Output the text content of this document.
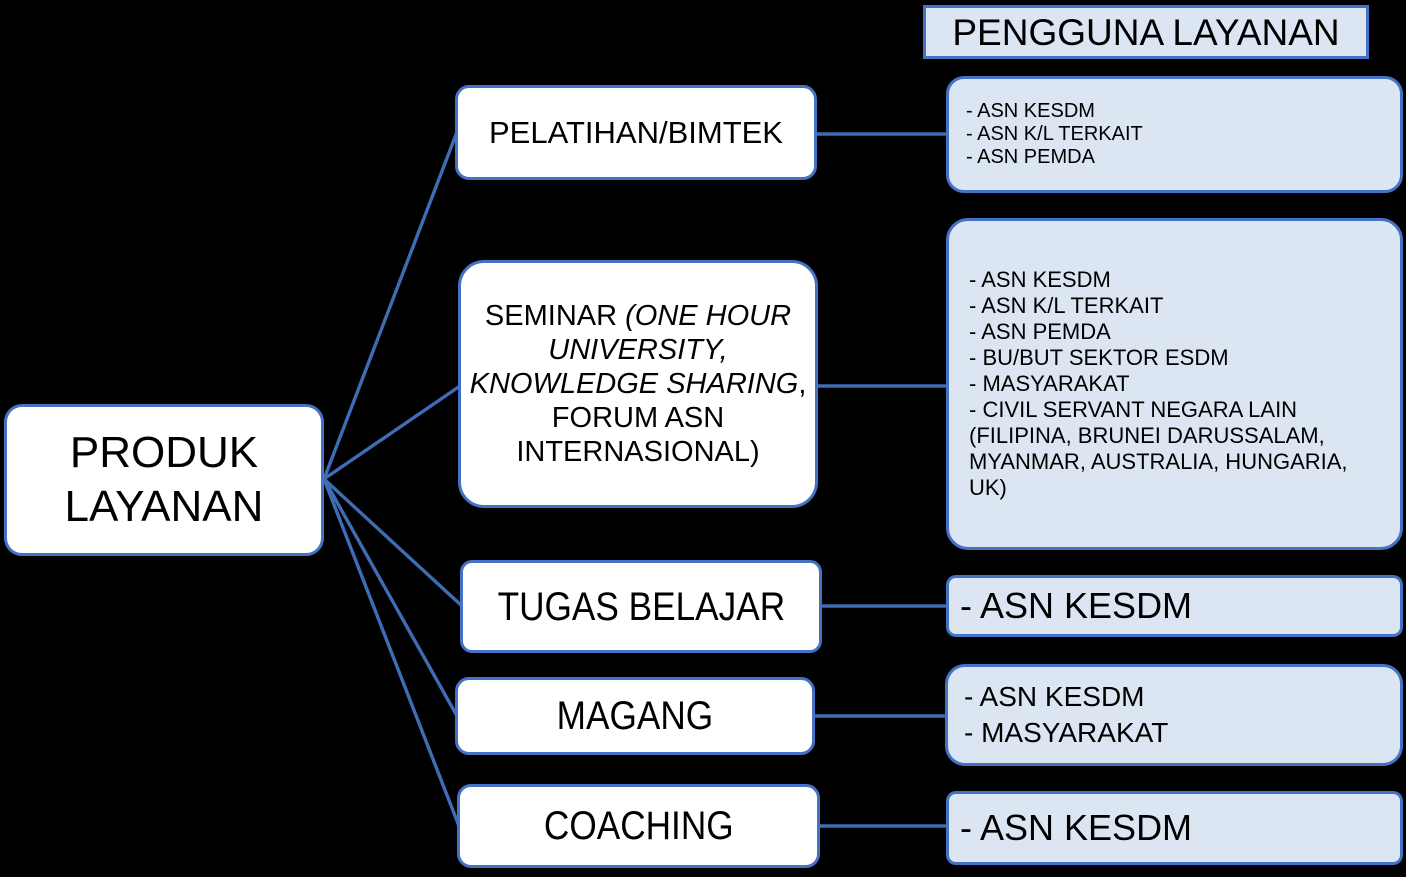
PRODUK LAYANAN
PENGGUNA LAYANAN
PELATIHAN/BIMTEK
SEMINAR (ONE HOUR
UNIVERSITY,
KNOWLEDGE SHARING,
FORUM ASN
INTERNASIONAL)
TUGAS BELAJAR
MAGANG
COACHING
- ASN KESDM
- ASN K/L TERKAIT
- ASN PEMDA
- ASN KESDM
- ASN K/L TERKAIT
- ASN PEMDA
- BU/BUT SEKTOR ESDM
- MASYARAKAT
- CIVIL SERVANT NEGARA LAIN (FILIPINA, BRUNEI DARUSSALAM, MYANMAR, AUSTRALIA, HUNGARIA, UK)
- ASN KESDM
- ASN KESDM
- MASYARAKAT
- ASN KESDM
